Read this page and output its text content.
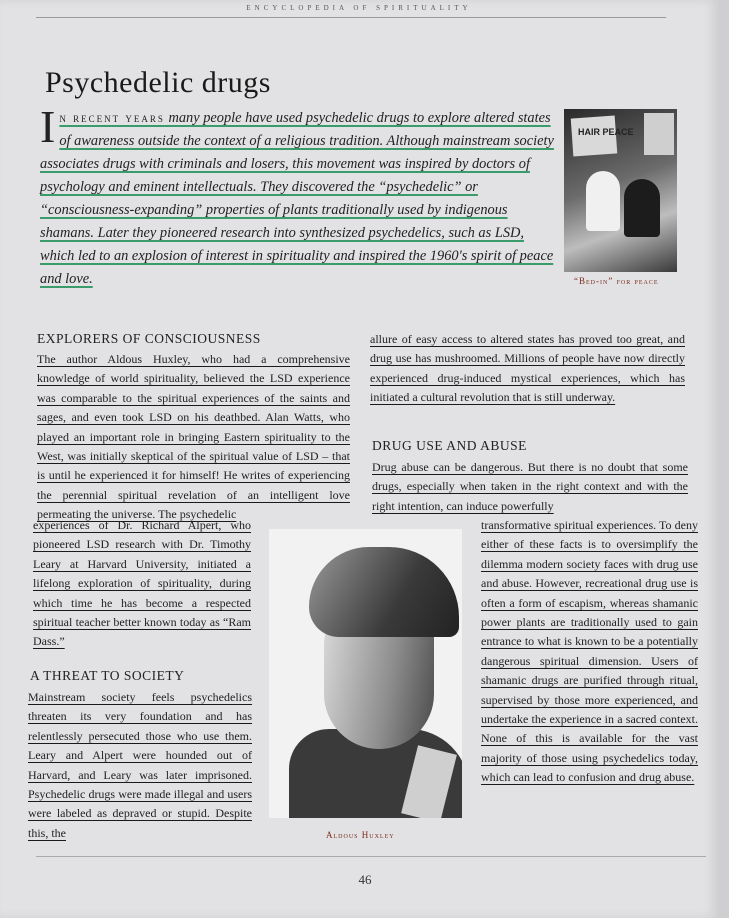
ENCYCLOPEDIA OF SPIRITUALITY
Psychedelic drugs

In recent years many people have used psychedelic drugs to explore altered states of awareness outside the context of a religious tradition. Although mainstream society associates drugs with criminals and losers, this movement was inspired by doctors of psychology and eminent intellectuals. They discovered the “psychedelic” or “consciousness-expanding” properties of plants traditionally used by indigenous shamans. Later they pioneered research into synthesized psychedelics, such as LSD, which led to an explosion of interest in spirituality and inspired the 1960's spirit of peace and love.

HAIR PEACE
“Bed-in” for peace
EXPLORERS OF CONSCIOUSNESS
The author Aldous Huxley, who had a comprehensive knowledge of world spirituality, believed the LSD experience was comparable to the spiritual experiences of the saints and sages, and even took LSD on his deathbed. Alan Watts, who played an important role in bringing Eastern spirituality to the West, was initially skeptical of the spiritual value of LSD – that is until he experienced it for himself! He writes of experiencing the perennial spiritual revelation of an intelligent love permeating the universe. The psychedelic
experiences of Dr. Richard Alpert, who pioneered LSD research with Dr. Timothy Leary at Harvard University, initiated a lifelong exploration of spirituality, during which time he has become a respected spiritual teacher better known today as “Ram Dass.”
A THREAT TO SOCIETY
Mainstream society feels psychedelics threaten its very foundation and has relentlessly persecuted those who use them. Leary and Alpert were hounded out of Harvard, and Leary was later imprisoned. Psychedelic drugs were made illegal and users were labeled as depraved or stupid. Despite this, the	Aldous Huxley
allure of easy access to altered states has proved too great, and drug use has mushroomed. Millions of people have now directly experienced drug-induced mystical experiences, which has initiated a cultural revolution that is still underway.
DRUG USE AND ABUSE
Drug abuse can be dangerous. But there is no doubt that some drugs, especially when taken in the right context and with the right intention, can induce powerfully
transformative spiritual experiences. To deny either of these facts is to oversimplify the dilemma modern society faces with drug use and abuse. However, recreational drug use is often a form of escapism, whereas shamanic power plants are traditionally used to gain entrance to what is known to be a potentially dangerous spiritual dimension. Users of shamanic drugs are purified through ritual, supervised by those more experienced, and undertake the experience in a sacred context. None of this is available for the vast majority of those using psychedelics today, which can lead to confusion and drug abuse.
46
